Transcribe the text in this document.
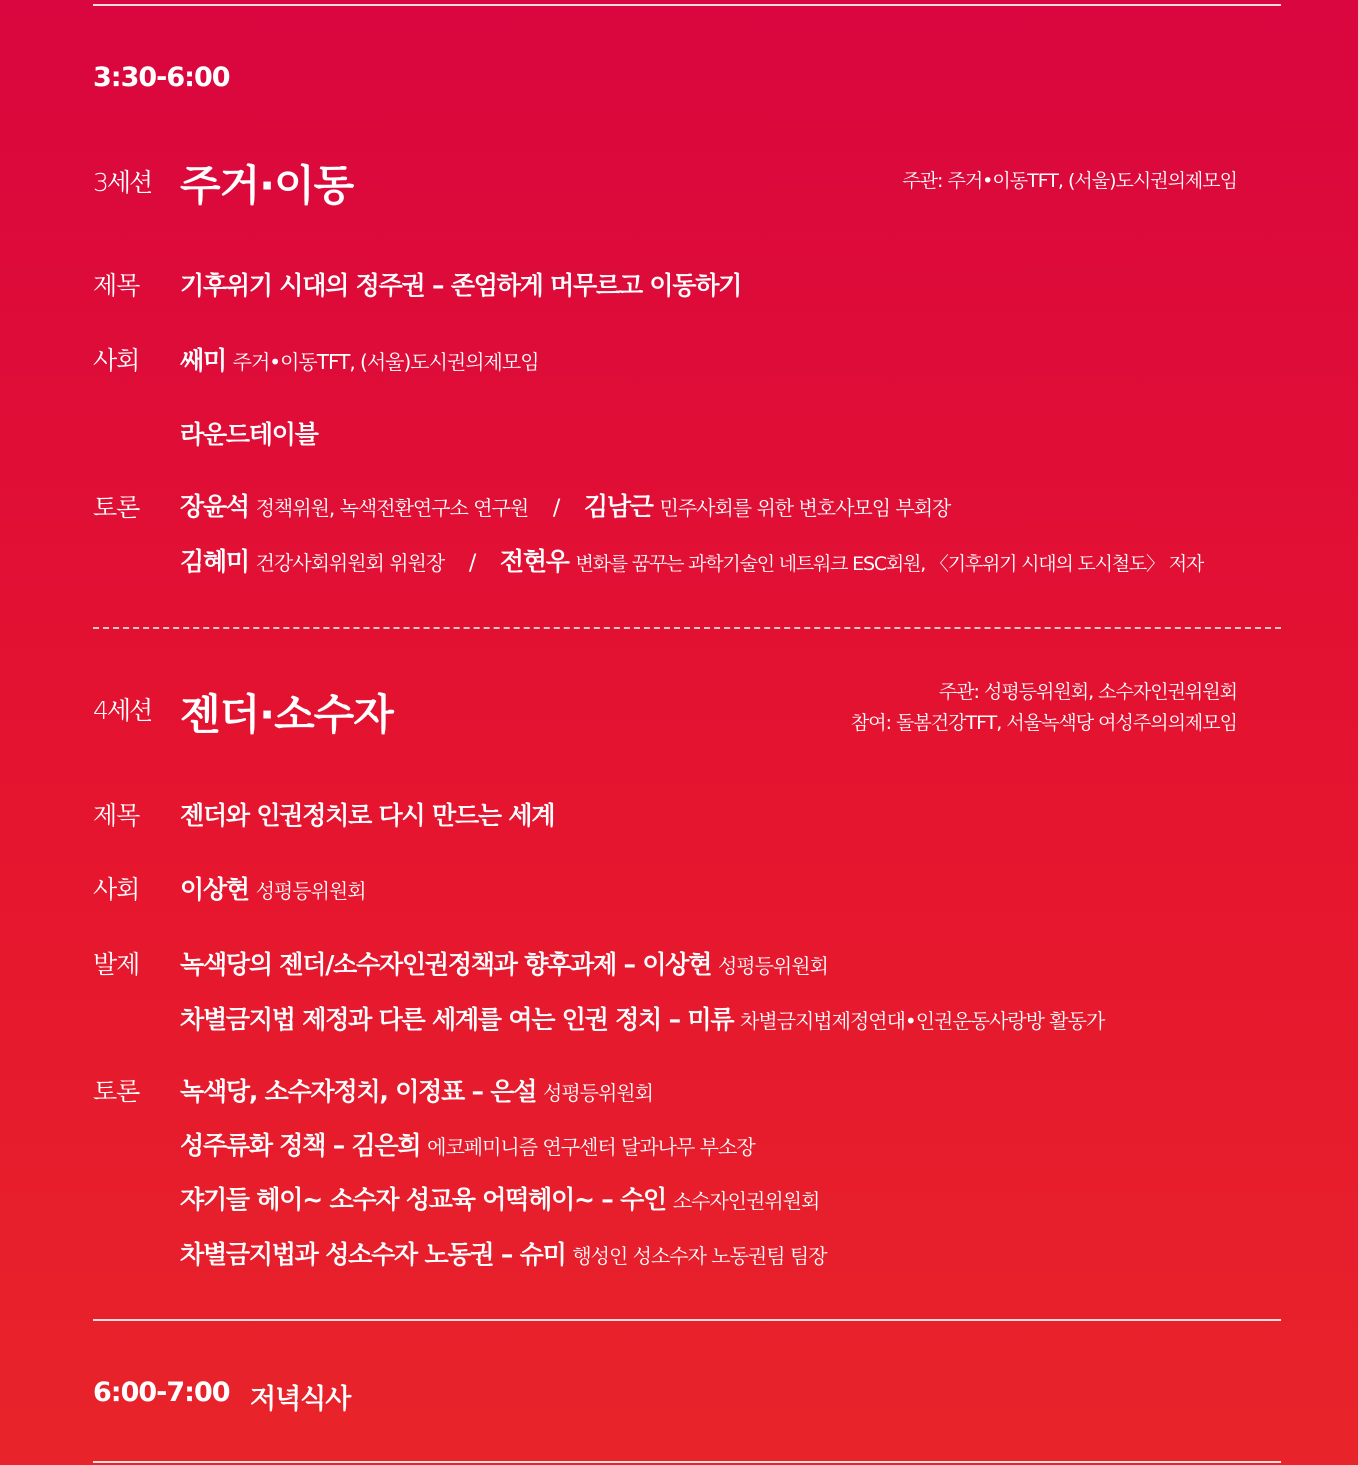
3:30-6:00
3세션 주거·이동	주관: 주거•이동TFT, (서울)도시권의제모임
제목 기후위기 시대의 정주권 – 존엄하게 머무르고 이동하기
사회 쌔미 주거•이동TFT, (서울)도시권의제모임
라운드테이블
토론 장윤석 정책위원, 녹색전환연구소 연구원 / 김남근 민주사회를 위한 변호사모임 부회장
김혜미 건강사회위원회 위원장 / 전현우 변화를 꿈꾸는 과학기술인 네트워크 ESC회원, 〈기후위기 시대의 도시철도〉 저자
4세션 젠더·소수자	주관: 성평등위원회, 소수자인권위원회
참여: 돌봄건강TFT, 서울녹색당 여성주의의제모임
제목 젠더와 인권정치로 다시 만드는 세계
사회 이상현 성평등위원회
발제 녹색당의 젠더/소수자인권정책과 향후과제 – 이상현 성평등위원회
차별금지법 제정과 다른 세계를 여는 인권 정치 – 미류 차별금지법제정연대•인권운동사랑방 활동가
토론 녹색당, 소수자정치, 이정표 – 은설 성평등위원회
성주류화 정책 – 김은희 에코페미니즘 연구센터 달과나무 부소장
쟈기들 헤이~ 소수자 성교육 어떡헤이~ – 수인 소수자인권위원회
차별금지법과 성소수자 노동권 – 슈미 행성인 성소수자 노동권팀 팀장
6:00-7:00 저녁식사
